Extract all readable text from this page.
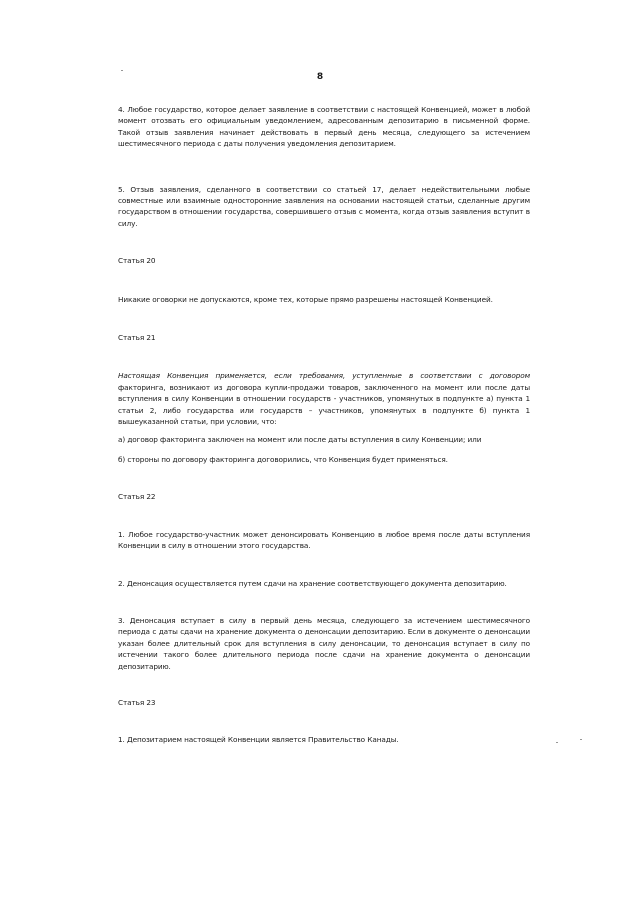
8

4. Любое государство, которое делает заявление в соответствии с настоящей Конвенцией, может в любой момент отозвать его официальным уведомлением, адресованным депозитарию в письменной форме. Такой отзыв заявления начинает действовать в первый день месяца, следующего за истечением шестимесячного периода с даты получения уведомления депозитарием.

5. Отзыв заявления, сделанного в соответствии со статьей 17, делает недействительными любые совместные или взаимные односторонние заявления на основании настоящей статьи, сделанные другим государством в отношении государства, совершившего отзыв с момента, когда отзыв заявления вступит в силу.

Статья 20

Никакие оговорки не допускаются, кроме тех, которые прямо разрешены настоящей Конвенцией.

Статья 21

Настоящая Конвенция применяется, если требования, уступленные в соответствии с договором факторинга, возникают из договора купли-продажи товаров, заключенного на момент или после даты вступления в силу Конвенции в отношении государств - участников, упомянутых в подпункте а) пункта 1 статьи 2, либо государства или государств – участников, упомянутых в подпункте б) пункта 1 вышеуказанной статьи, при условии, что:

а) договор факторинга заключен на момент или после даты вступления в силу Конвенции; или

б) стороны по договору факторинга договорились, что Конвенция будет применяться.

Статья 22

1. Любое государство-участник может денонсировать Конвенцию в любое время после даты вступления Конвенции в силу в отношении этого государства.

2. Денонсация осуществляется путем сдачи на хранение соответствующего документа депозитарию.

3. Денонсация вступает в силу в первый день месяца, следующего за истечением шестимесячного периода с даты сдачи на хранение документа о денонсации депозитарию. Если в документе о денонсации указан более длительный срок для вступления в силу денонсации, то денонсация вступает в силу по истечении такого более длительного периода после сдачи на хранение документа о денонсации депозитарию.

Статья 23

1. Депозитарием настоящей Конвенции является Правительство Канады.
